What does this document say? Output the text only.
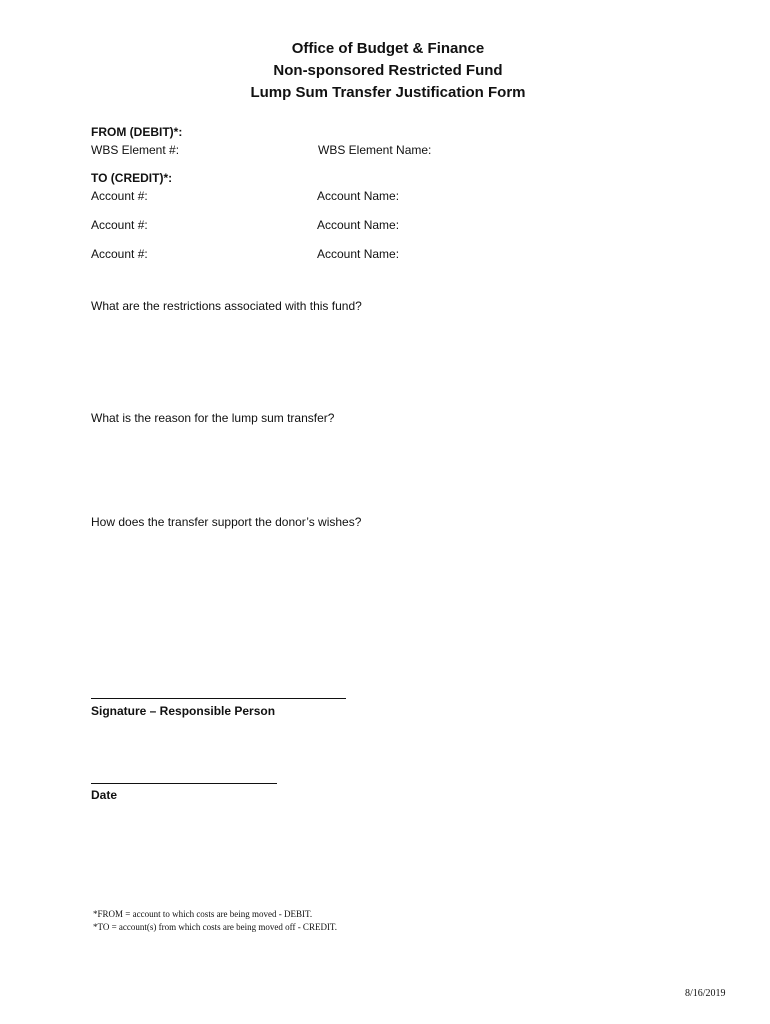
Office of Budget & Finance
Non-sponsored Restricted Fund
Lump Sum Transfer Justification Form
FROM (DEBIT)*:
WBS Element #:	WBS Element Name:
TO (CREDIT)*:
Account #:	Account Name:
Account #:	Account Name:
Account #:	Account Name:
What are the restrictions associated with this fund?
What is the reason for the lump sum transfer?
How does the transfer support the donor’s wishes?
Signature – Responsible Person
Date
*FROM = account to which costs are being moved - DEBIT.
*TO = account(s) from which costs are being moved off - CREDIT.
8/16/2019
